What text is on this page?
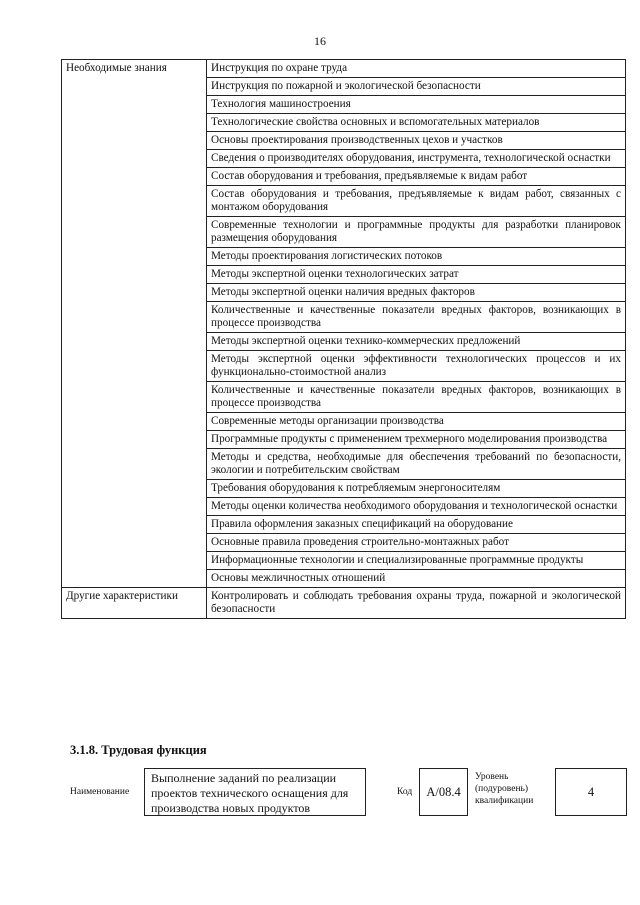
16
Необходимые знания	Инструкция по охране труда
	Инструкция по пожарной и экологической безопасности
	Технология машиностроения
	Технологические свойства основных и вспомогательных материалов
	Основы проектирования производственных цехов и участков
	Сведения о производителях оборудования, инструмента, технологической оснастки
	Состав оборудования и требования, предъявляемые к видам работ
	Состав оборудования и требования, предъявляемые к видам работ, связанных с монтажом оборудования
	Современные технологии и программные продукты для разработки планировок размещения оборудования
	Методы проектирования логистических потоков
	Методы экспертной оценки технологических затрат
	Методы экспертной оценки наличия вредных факторов
	Количественные и качественные показатели вредных факторов, возникающих в процессе производства
	Методы экспертной оценки технико-коммерческих предложений
	Методы экспертной оценки эффективности технологических процессов и их функционально-стоимостной анализ
	Количественные и качественные показатели вредных факторов, возникающих в процессе производства
	Современные методы организации производства
	Программные продукты с применением трехмерного моделирования производства
	Методы и средства, необходимые для обеспечения требований по безопасности, экологии и потребительским свойствам
	Требования оборудования к потребляемым энергоносителям
	Методы оценки количества необходимого оборудования и технологической оснастки
	Правила оформления заказных спецификаций на оборудование
	Основные правила проведения строительно-монтажных работ
	Информационные технологии и специализированные программные продукты
	Основы межличностных отношений
Другие характеристики	Контролировать и соблюдать требования охраны труда, пожарной и экологической безопасности
3.1.8. Трудовая функция
Наименование
Выполнение заданий по реализации проектов технического оснащения для производства новых продуктов
Код	А/08.4
Уровень (подуровень) квалификации
4
